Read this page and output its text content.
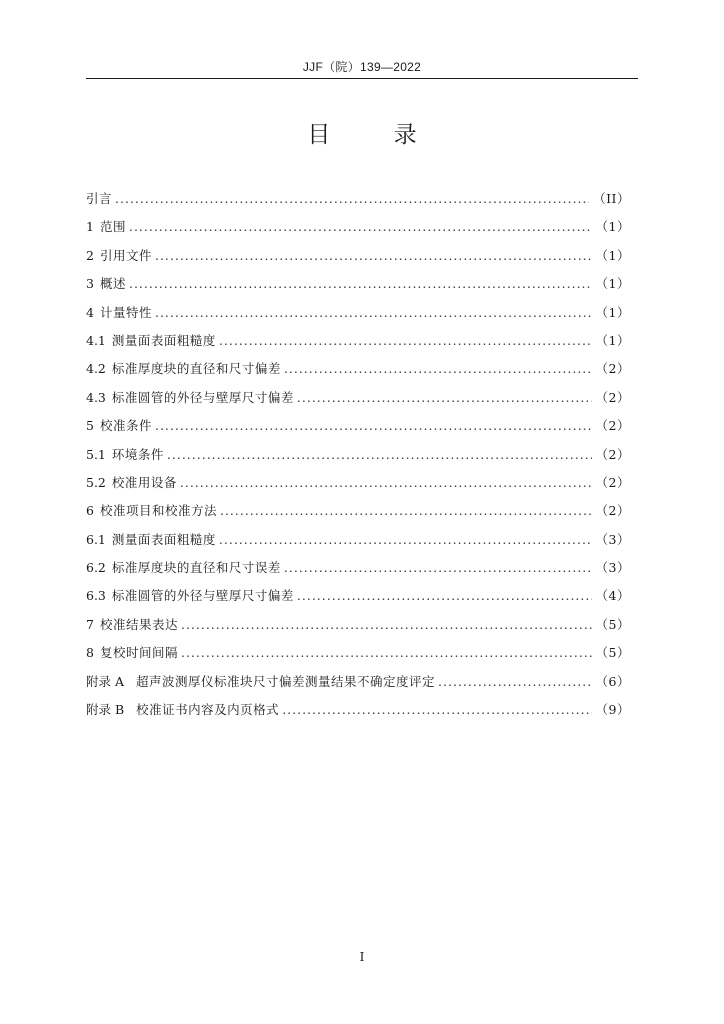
JJF（院）139—2022
目 录
引言 .....	（II）
1 范围 .....	（1）
2 引用文件 .....	（1）
3 概述 .....	（1）
4 计量特性 .....	（1）
4.1 测量面表面粗糙度 .....	（1）
4.2 标准厚度块的直径和尺寸偏差 .....	（2）
4.3 标准圆管的外径与壁厚尺寸偏差 .....	（2）
5 校准条件 .....	（2）
5.1 环境条件 .....	（2）
5.2 校准用设备 .....	（2）
6 校准项目和校准方法 .....	（2）
6.1 测量面表面粗糙度 .....	（3）
6.2 标准厚度块的直径和尺寸误差 .....	（3）
6.3 标准圆管的外径与壁厚尺寸偏差 .....	（4）
7 校准结果表达 .....	（5）
8 复校时间间隔 .....	（5）
附录 A 超声波测厚仪标准块尺寸偏差测量结果不确定度评定 .....	（6）
附录 B 校准证书内容及内页格式 .....	（9）
I
